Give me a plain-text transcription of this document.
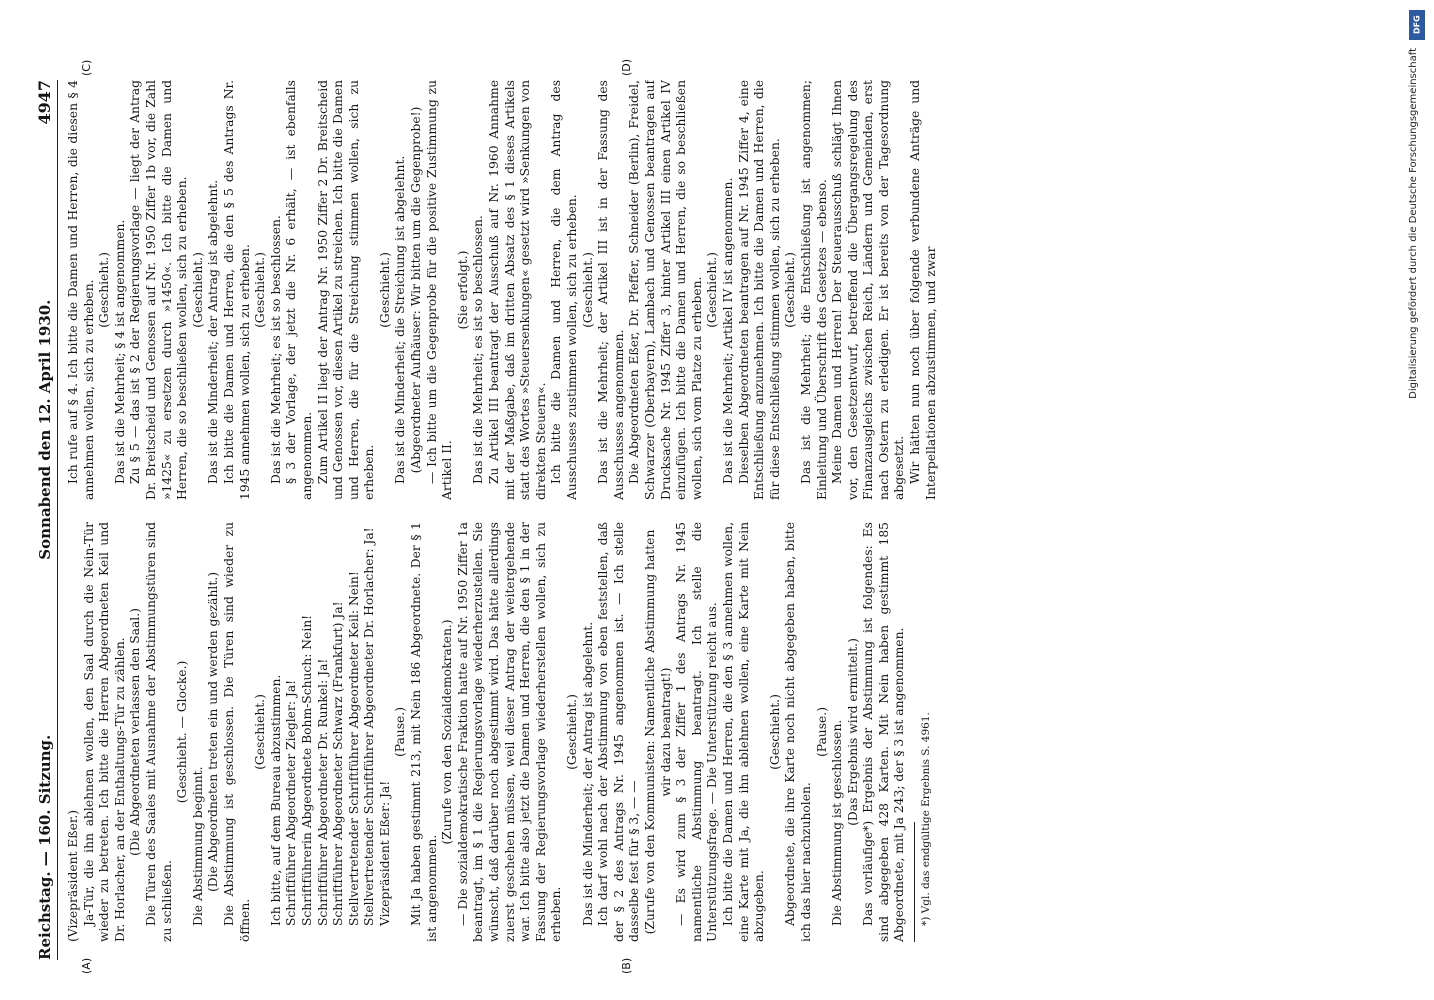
Reichstag. — 160. Sitzung.
Sonnabend den 12. April 1930.
4947
(A)	(B)
(C)	(D)

(Vizepräsident Eßer.) Ja-Tür, die ihn ablehnen wollen, den Saal durch die Nein-Tür wieder zu betreten. Ich bitte die Herren Abgeordneten Keil und Dr. Horlacher, an der Enthaltungs-Tür zu zählen. (Die Abgeordneten verlassen den Saal.) Die Türen des Saales mit Ausnahme der Abstimmungstüren sind zu schließen.

(Geschieht. — Glocke.)

Die Abstimmung beginnt. (Die Abgeordneten treten ein und werden gezählt.) Die Abstimmung ist geschlossen. Die Türen sind wieder zu öffnen.

(Geschieht.) Ich bitte, auf dem Bureau abzustimmen. Schriftführer Abgeordneter Ziegler: Ja! Schriftführerin Abgeordnete Bohm-Schuch: Nein! Schriftführer Abgeordneter Dr. Runkel: Ja! Schriftführer Abgeordneter Schwarz (Frankfurt) Ja! Stellvertretender Schriftführer Abgeordneter Keil: Nein! Stellvertretender Schriftführer Abgeordneter Dr. Horlacher: Ja! Vizepräsident Eßer: Ja!

(Pause.) Mit Ja haben gestimmt 213, mit Nein 186 Abgeordnete. Der § 1 ist angenommen.

(Zurufe von den Sozialdemokraten.) — Die sozialdemokratische Fraktion hatte auf Nr. 1950 Ziffer 1a beantragt, im § 1 die Regierungsvorlage wiederherzustellen. Sie wünscht, daß darüber noch abgestimmt wird. Das hätte allerdings zuerst geschehen müssen, weil dieser Antrag der weitergehende war. Ich bitte also jetzt die Damen und Herren, die den § 1 in der Fassung der Regierungsvorlage wiederherstellen wollen, sich zu erheben.

(Geschieht.) Das ist die Minderheit; der Antrag ist abgelehnt. Ich darf wohl nach der Abstimmung von eben feststellen, daß der § 2 des Antrags Nr. 1945 angenommen ist. — Ich stelle dasselbe fest für § 3, — — (Zurufe von den Kommunisten: Namentliche Abstimmung hatten wir dazu beantragt!) — Es wird zum § 3 der Ziffer 1 des Antrags Nr. 1945 namentliche Abstimmung beantragt. Ich stelle die Unterstützungsfrage. — Die Unterstützung reicht aus. Ich bitte die Damen und Herren, die den § 3 annehmen wollen, eine Karte mit Ja, die ihn ablehnen wollen, eine Karte mit Nein abzugeben.

(Geschieht.) Abgeordnete, die ihre Karte noch nicht abgegeben haben, bitte ich das hier nachzuholen.

(Pause.) Die Abstimmung ist geschlossen. (Das Ergebnis wird ermittelt.) Das vorläufige*) Ergebnis der Abstimmung ist folgendes: Es sind abgegeben 428 Karten. Mit Nein haben gestimmt 185 Abgeordnete, mit Ja 243; der § 3 ist angenommen. *) Vgl. das endgültige Ergebnis S. 4961.

Ich rufe auf § 4. Ich bitte die Damen und Herren, die diesen § 4 annehmen wollen, sich zu erheben. (Geschieht.) Das ist die Mehrheit; § 4 ist angenommen. Zu § 5 — das ist § 2 der Regierungsvorlage — liegt der Antrag Dr. Breitscheid und Genossen auf Nr. 1950 Ziffer 1b vor, die Zahl »1425« zu ersetzen durch »1450«. Ich bitte die Damen und Herren, die so beschließen wollen, sich zu erheben. (Geschieht.) Das ist die Minderheit; der Antrag ist abgelehnt. Ich bitte die Damen und Herren, die den § 5 des Antrags Nr. 1945 annehmen wollen, sich zu erheben. (Geschieht.) Das ist die Mehrheit; es ist so beschlossen. § 3 der Vorlage, der jetzt die Nr. 6 erhält, — ist ebenfalls angenommen. Zum Artikel II liegt der Antrag Nr. 1950 Ziffer 2 Dr. Breitscheid und Genossen vor, diesen Artikel zu streichen. Ich bitte die Damen und Herren, die für die Streichung stimmen wollen, sich zu erheben.

(Geschieht.) Das ist die Minderheit; die Streichung ist abgelehnt. (Abgeordneter Aufhäuser: Wir bitten um die Gegenprobe!) — Ich bitte um die Gegenprobe für die positive Zustimmung zu Artikel II.

(Sie erfolgt.) Das ist die Mehrheit; es ist so beschlossen. Zu Artikel III beantragt der Ausschuß auf Nr. 1960 Annahme mit der Maßgabe, daß im dritten Absatz des § 1 dieses Artikels statt des Wortes »Steuersenkungen« gesetzt wird »Senkungen von direkten Steuern«. Ich bitte die Damen und Herren, die dem Antrag des Ausschusses zustimmen wollen, sich zu erheben. (Geschieht.) Das ist die Mehrheit; der Artikel III ist in der Fassung des Ausschusses angenommen. Die Abgeordneten Eßer, Dr. Pfeffer, Schneider (Berlin), Freidel, Schwarzer (Oberbayern), Lambach und Genossen beantragen auf Drucksache Nr. 1945 Ziffer 3, hinter Artikel III einen Artikel IV einzufügen. Ich bitte die Damen und Herren, die so beschließen wollen, sich vom Platze zu erheben. (Geschieht.) Das ist die Mehrheit; Artikel IV ist angenommen. Dieselben Abgeordneten beantragen auf Nr. 1945 Ziffer 4, eine Entschließung anzunehmen. Ich bitte die Damen und Herren, die für diese Entschließung stimmen wollen, sich zu erheben. (Geschieht.) Das ist die Mehrheit; die Entschließung ist angenommen; Einleitung und Überschrift des Gesetzes — ebenso. Meine Damen und Herren! Der Steuerausschuß schlägt Ihnen vor, den Gesetzentwurf, betreffend die Übergangsregelung des Finanzausgleichs zwischen Reich, Ländern und Gemeinden, erst nach Ostern zu erledigen. Er ist bereits von der Tagesordnung abgesetzt. Wir hätten nun noch über folgende verbundene Anträge und Interpellationen abzustimmen, und zwar

DFG
Digitalisierung gefördert durch die Deutsche Forschungsgemeinschaft
